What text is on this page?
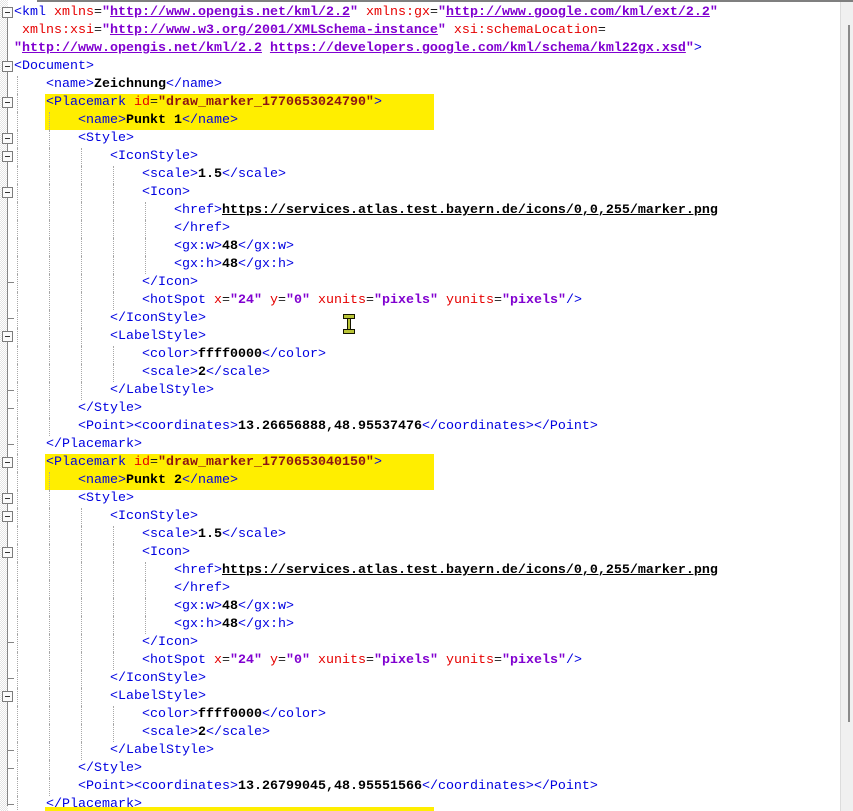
<kml xmlns="http://www.opengis.net/kml/2.2" xmlns:gx="http://www.google.com/kml/ext/2.2"
xmlns:xsi="http://www.w3.org/2001/XMLSchema-instance" xsi:schemaLocation=
"http://www.opengis.net/kml/2.2 https://developers.google.com/kml/schema/kml22gx.xsd">
<Document>
<name>Zeichnung</name>
<Placemark id="draw_marker_1770653024790">
<name>Punkt 1</name>
<Style>
<IconStyle>
<scale>1.5</scale>
<Icon>
<href>https://services.atlas.test.bayern.de/icons/0,0,255/marker.png
</href>
<gx:w>48</gx:w>
<gx:h>48</gx:h>
</Icon>
<hotSpot x="24" y="0" xunits="pixels" yunits="pixels"/>
</IconStyle>
<LabelStyle>
<color>ffff0000</color>
<scale>2</scale>
</LabelStyle>
</Style>
<Point><coordinates>13.26656888,48.95537476</coordinates></Point>
</Placemark>
<Placemark id="draw_marker_1770653040150">
<name>Punkt 2</name>
<Style>
<IconStyle>
<scale>1.5</scale>
<Icon>
<href>https://services.atlas.test.bayern.de/icons/0,0,255/marker.png
</href>
<gx:w>48</gx:w>
<gx:h>48</gx:h>
</Icon>
<hotSpot x="24" y="0" xunits="pixels" yunits="pixels"/>
</IconStyle>
<LabelStyle>
<color>ffff0000</color>
<scale>2</scale>
</LabelStyle>
</Style>
<Point><coordinates>13.26799045,48.95551566</coordinates></Point>
</Placemark>
